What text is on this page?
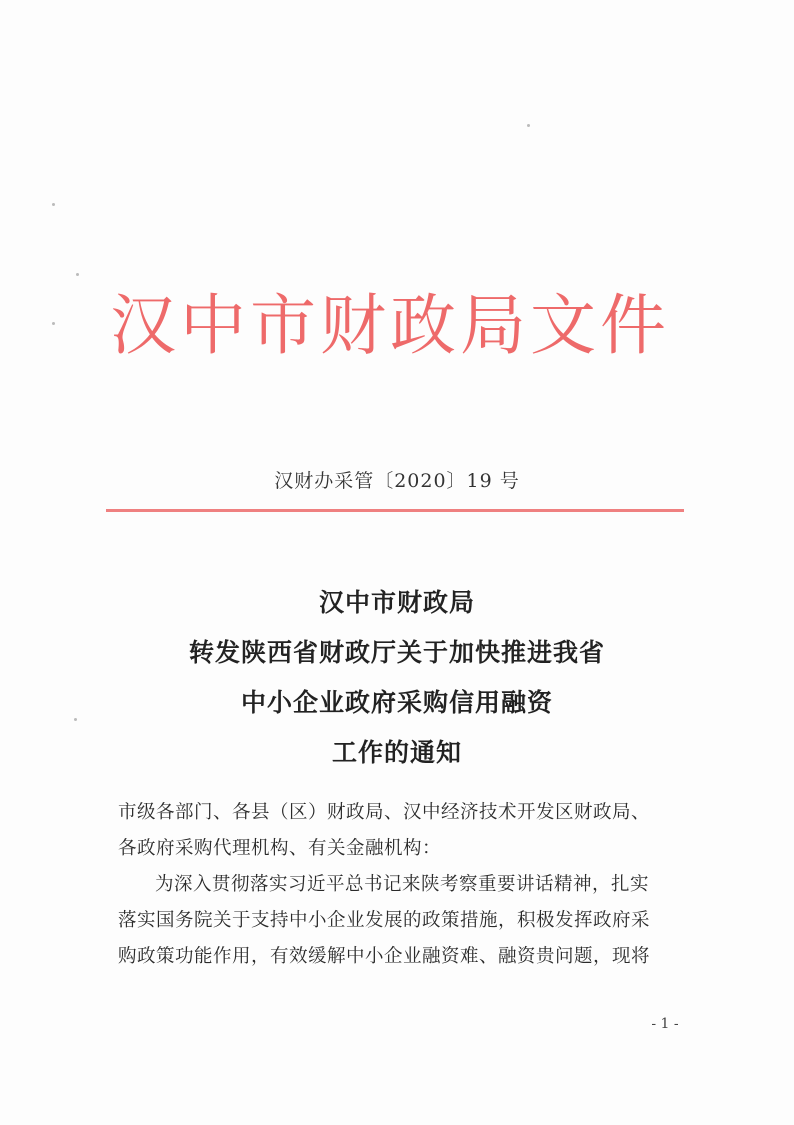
汉中市财政局文件
汉财办采管〔2020〕19 号
汉中市财政局
转发陕西省财政厅关于加快推进我省
中小企业政府采购信用融资
工作的通知
市级各部门、各县（区）财政局、汉中经济技术开发区财政局、
各政府采购代理机构、有关金融机构：
为深入贯彻落实习近平总书记来陕考察重要讲话精神，扎实
落实国务院关于支持中小企业发展的政策措施，积极发挥政府采
购政策功能作用，有效缓解中小企业融资难、融资贵问题，现将
- 1 -
